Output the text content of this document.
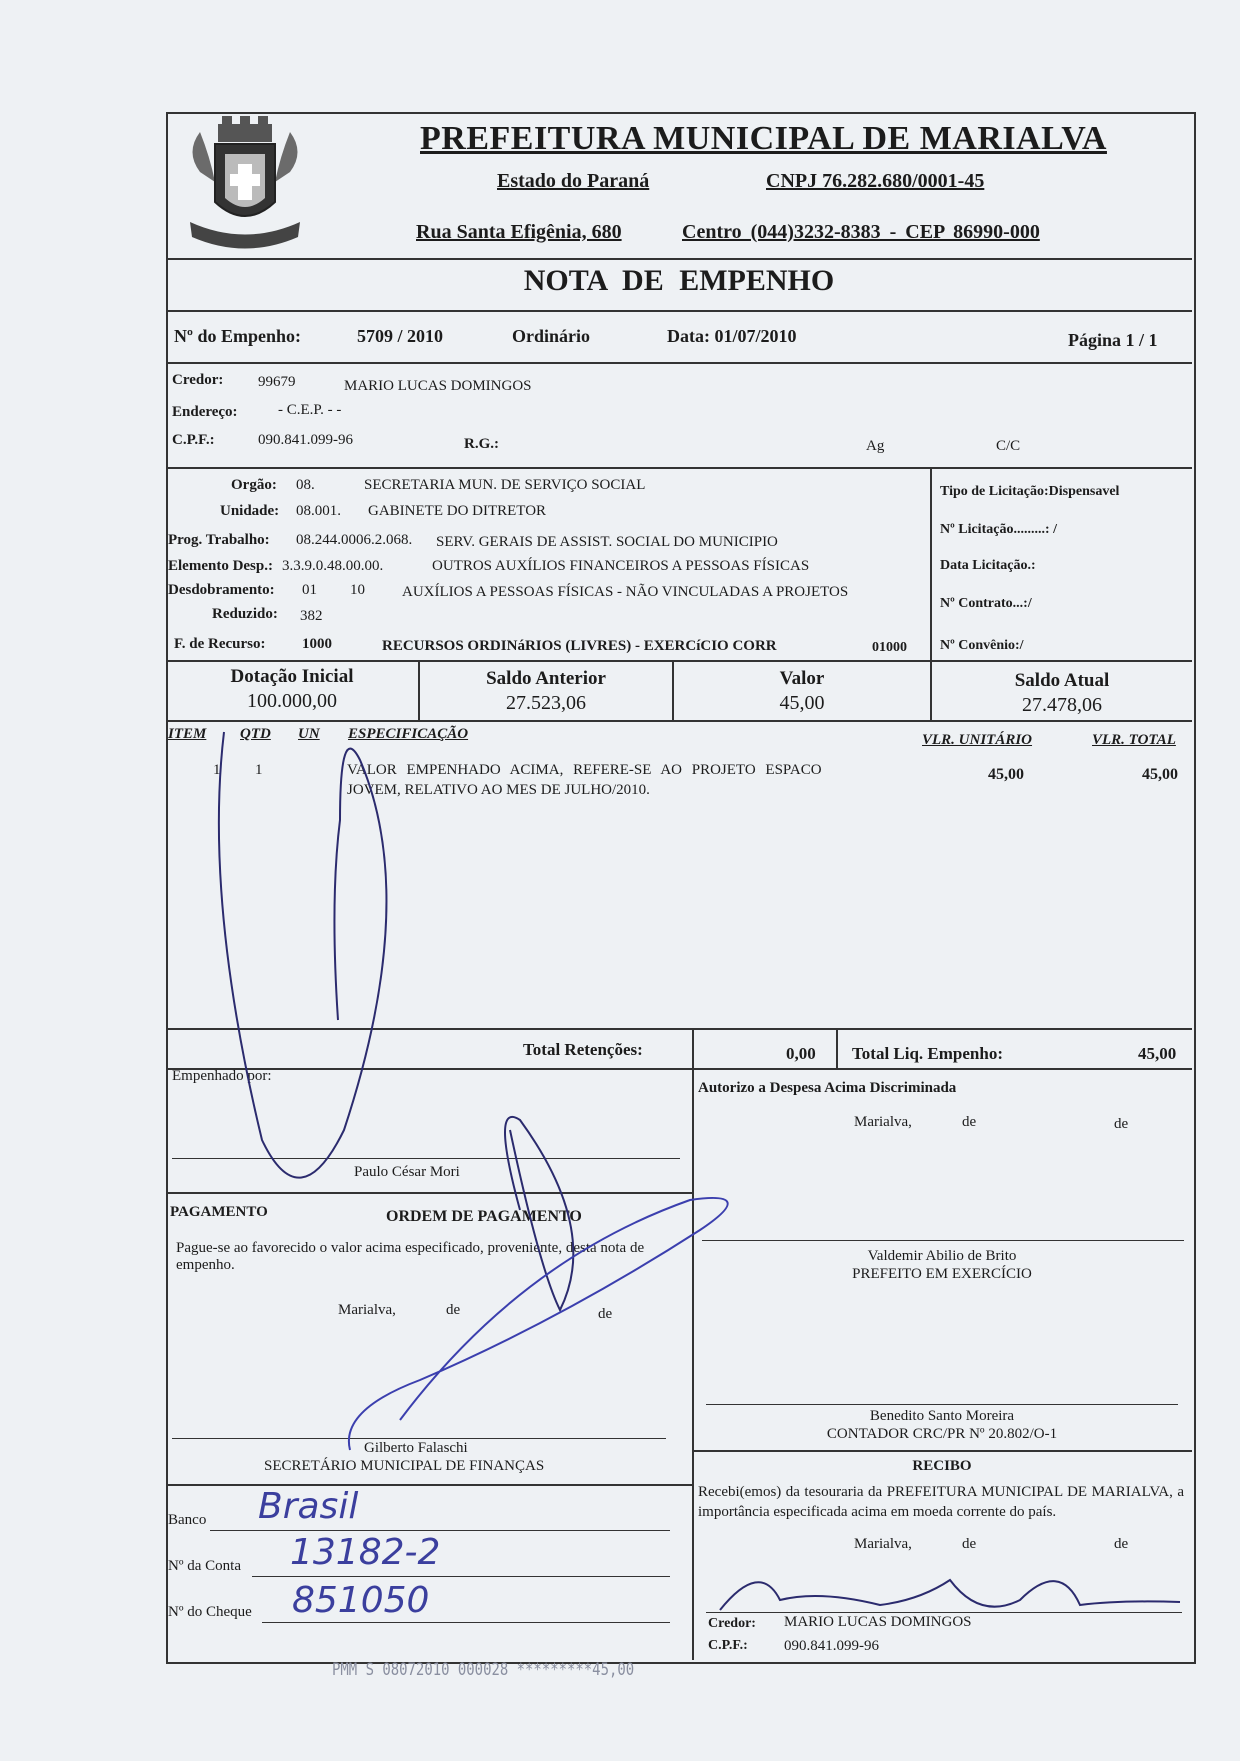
PREFEITURA MUNICIPAL DE MARIALVA
Estado do Paraná	CNPJ 76.282.680/0001-45
Rua Santa Efigênia, 680	Centro (044)3232-8383 - CEP 86990-000
NOTA DE EMPENHO
Nº do Empenho:	5709 / 2010	Ordinário	Data: 01/07/2010	Página 1 / 1
Credor: 99679	MARIO LUCAS DOMINGOS
Endereço:	- C.E.P. - -
C.P.F.:	090.841.099-96	R.G.:	Ag	C/C
Orgão: 08.	SECRETARIA MUN. DE SERVIÇO SOCIAL
Unidade: 08.001. GABINETE DO DITRETOR
Prog. Trabalho: 08.244.0006.2.068. SERV. GERAIS DE ASSIST. SOCIAL DO MUNICIPIO
Elemento Desp.: 3.3.9.0.48.00.00.	OUTROS AUXÍLIOS FINANCEIROS A PESSOAS FÍSICAS
Desdobramento: 01 10 AUXÍLIOS A PESSOAS FÍSICAS - NÃO VINCULADAS A PROJETOS
Reduzido: 382
F. de Recurso: 1000	RECURSOS ORDINáRIOS (LIVRES) - EXERCíCIO CORR	01000
Tipo de Licitação:Dispensavel
Nº Licitação.........: /
Data Licitação.:
Nº Contrato...:/
Nº Convênio:/
Dotação Inicial
100.000,00
Saldo Anterior
27.523,06
Valor
45,00
Saldo Atual
27.478,06
ITEM QTD UN ESPECIFICAÇÃO	VLR. UNITÁRIO	VLR. TOTAL
1 1	VALOR EMPENHADO ACIMA, REFERE-SE AO PROJETO ESPACO
JOVEM, RELATIVO AO MES DE JULHO/2010.
45,00	45,00
Total Retenções:	0,00 Total Liq. Empenho:	45,00
Empenhado por:
Paulo César Mori
Autorizo a Despesa Acima Discriminada
Marialva,	de	de
PAGAMENTO	ORDEM DE PAGAMENTO
Pague-se ao favorecido o valor acima especificado, proveniente, desta nota de empenho.
Marialva,	de	de
Gilberto Falaschi
SECRETÁRIO MUNICIPAL DE FINANÇAS
Valdemir Abilio de Brito
PREFEITO EM EXERCÍCIO
Benedito Santo Moreira
CONTADOR CRC/PR Nº 20.802/O-1
Banco Brasil
Nº da Conta 13182-2
Nº do Cheque 851050
RECIBO
Recebi(emos) da tesouraria da PREFEITURA MUNICIPAL DE MARIALVA, a importância especificada acima em moeda corrente do país.
Marialva,	de	de
Credor: MARIO LUCAS DOMINGOS
C.P.F.: 090.841.099-96
PMM S 08072010 000028 *********45,00
